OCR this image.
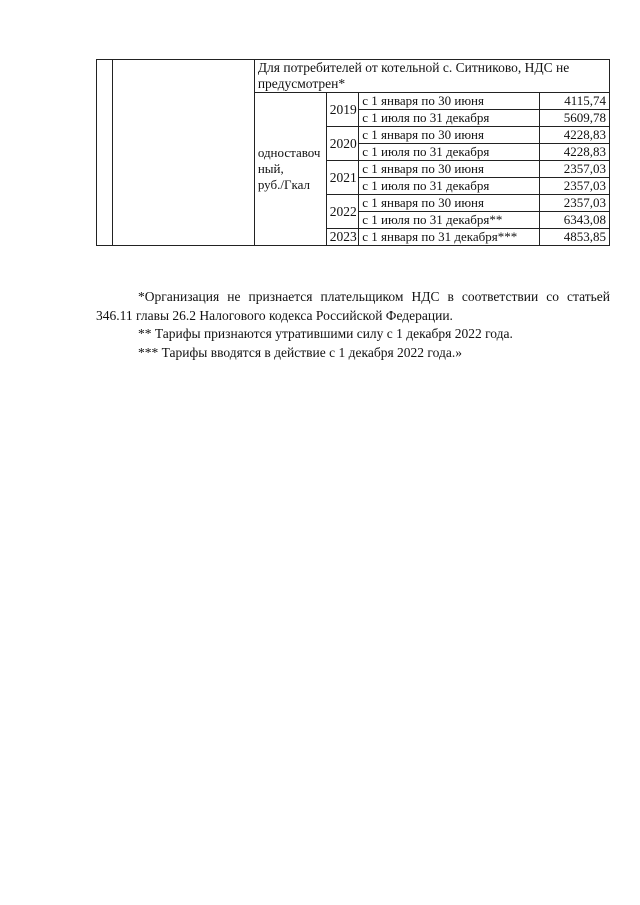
		Для потребителей от котельной с. Ситниково, НДС не предусмотрен*			
		одноставоч
ный,
руб./Гкал	2019	с 1 января по 30 июня	4115,74
				с 1 июля по 31 декабря	5609,78
			2020	с 1 января по 30 июня	4228,83
				с 1 июля по 31 декабря	4228,83
			2021	с 1 января по 30 июня	2357,03
				с 1 июля по 31 декабря	2357,03
			2022	с 1 января по 30 июня	2357,03
				с 1 июля по 31 декабря**	6343,08
			2023	с 1 января по 31 декабря***	4853,85

*Организация не признается плательщиком НДС в соответствии со статьей 346.11 главы 26.2 Налогового кодекса Российской Федерации.

** Тарифы признаются утратившими силу с 1 декабря 2022 года.

*** Тарифы вводятся в действие с 1 декабря 2022 года.»
